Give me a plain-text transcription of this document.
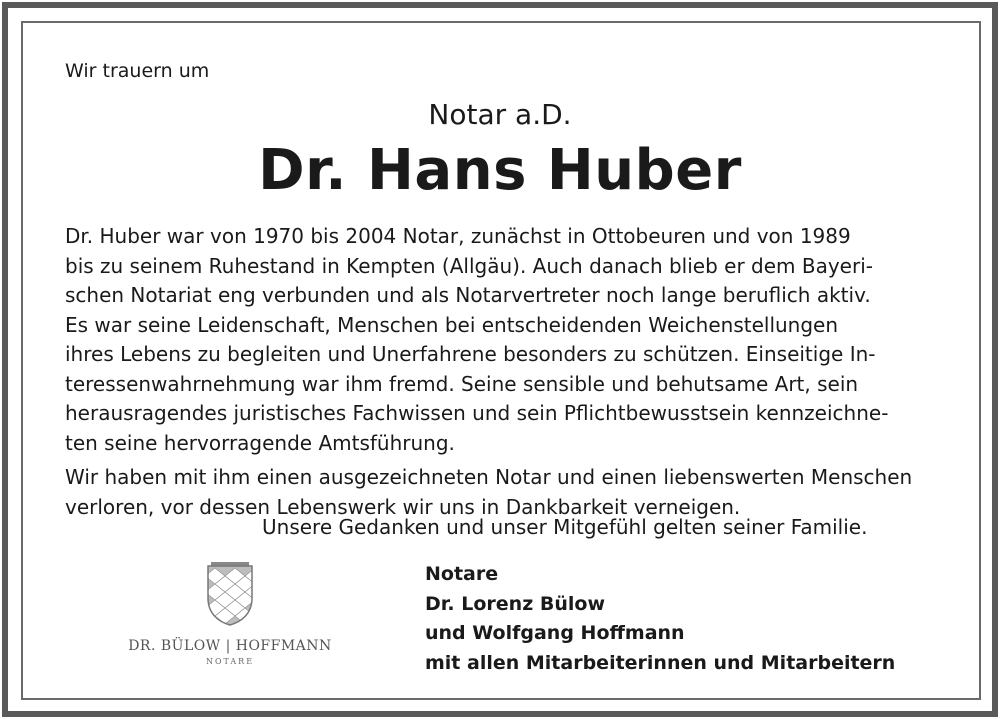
Wir trauern um
Notar a.D.
Dr. Hans Huber

Dr. Huber war von 1970 bis 2004 Notar, zunächst in Ottobeuren und von 1989
bis zu seinem Ruhestand in Kempten (Allgäu). Auch danach blieb er dem Bayeri-
schen Notariat eng verbunden und als Notarvertreter noch lange beruflich aktiv.
Es war seine Leidenschaft, Menschen bei entscheidenden Weichenstellungen
ihres Lebens zu begleiten und Unerfahrene besonders zu schützen. Einseitige In-
teressenwahrnehmung war ihm fremd. Seine sensible und behutsame Art, sein
herausragendes juristisches Fachwissen und sein Pflichtbewusstsein kennzeichne-
ten seine hervorragende Amtsführung.

Wir haben mit ihm einen ausgezeichneten Notar und einen liebenswerten Menschen
verloren, vor dessen Lebenswerk wir uns in Dankbarkeit verneigen.

Unsere Gedanken und unser Mitgefühl gelten seiner Familie.
Notare
Dr. Lorenz Bülow
und Wolfgang Hoffmann
mit allen Mitarbeiterinnen und Mitarbeitern
DR. BÜLOW | HOFFMANN
NOTARE
